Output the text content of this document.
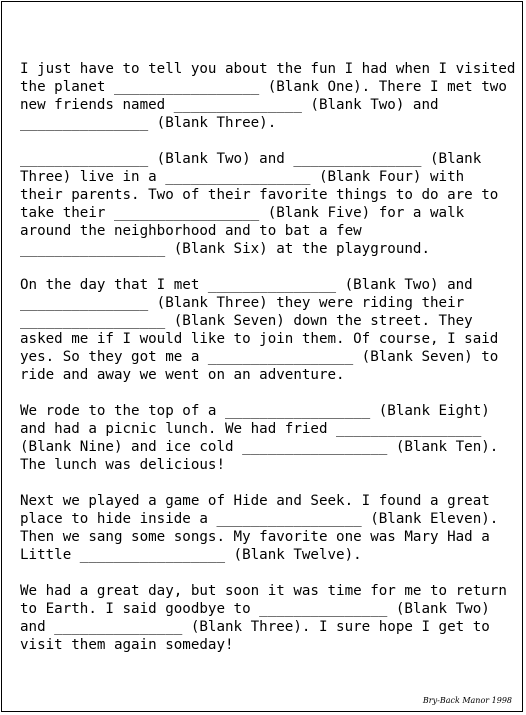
I just have to tell you about the fun I had when I visited
the planet _________________ (Blank One). There I met two
new friends named _______________ (Blank Two) and
_______________ (Blank Three).
_______________ (Blank Two) and _______________ (Blank
Three) live in a _________________ (Blank Four) with
their parents. Two of their favorite things to do are to
take their _________________ (Blank Five) for a walk
around the neighborhood and to bat a few
_________________ (Blank Six) at the playground.
On the day that I met _______________ (Blank Two) and
_______________ (Blank Three) they were riding their
_________________ (Blank Seven) down the street. They
asked me if I would like to join them. Of course, I said
yes. So they got me a _________________ (Blank Seven) to
ride and away we went on an adventure.
We rode to the top of a _________________ (Blank Eight)
and had a picnic lunch. We had fried _________________
(Blank Nine) and ice cold _________________ (Blank Ten).
The lunch was delicious!
Next we played a game of Hide and Seek. I found a great
place to hide inside a _________________ (Blank Eleven).
Then we sang some songs. My favorite one was Mary Had a
Little _________________ (Blank Twelve).
We had a great day, but soon it was time for me to return
to Earth. I said goodbye to _______________ (Blank Two)
and _______________ (Blank Three). I sure hope I get to
visit them again someday!
Bry-Back Manor 1998
